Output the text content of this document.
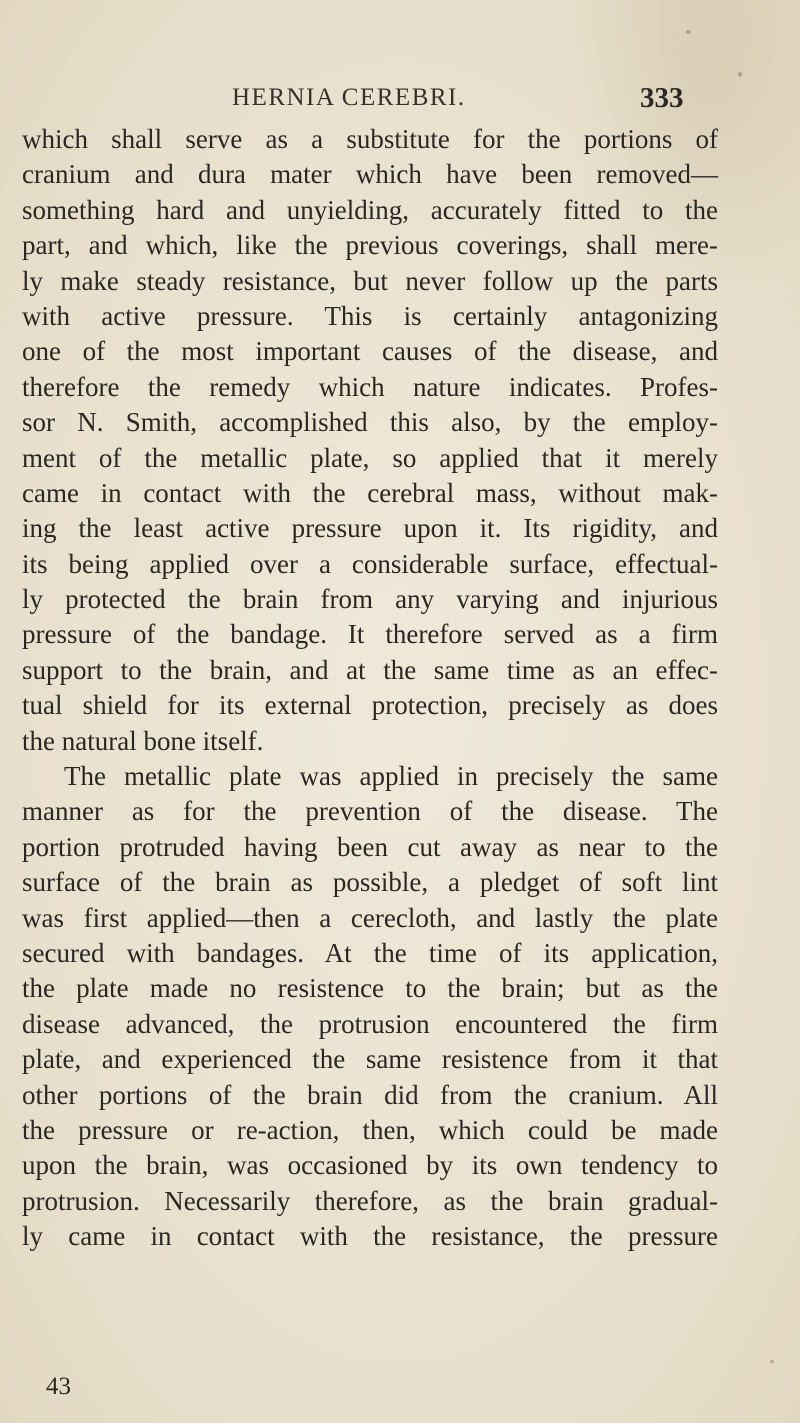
HERNIA CEREBRI.	333
which shall serve as a substitute for the portions of
cranium and dura mater which have been removed—
something hard and unyielding, accurately fitted to the
part, and which, like the previous coverings, shall mere-
ly make steady resistance, but never follow up the parts
with active pressure. This is certainly antagonizing
one of the most important causes of the disease, and
therefore the remedy which nature indicates. Profes-
sor N. Smith, accomplished this also, by the employ-
ment of the metallic plate, so applied that it merely
came in contact with the cerebral mass, without mak-
ing the least active pressure upon it. Its rigidity, and
its being applied over a considerable surface, effectual-
ly protected the brain from any varying and injurious
pressure of the bandage. It therefore served as a firm
support to the brain, and at the same time as an effec-
tual shield for its external protection, precisely as does
the natural bone itself.
The metallic plate was applied in precisely the same
manner as for the prevention of the disease. The
portion protruded having been cut away as near to the
surface of the brain as possible, a pledget of soft lint
was first applied—then a cerecloth, and lastly the plate
secured with bandages. At the time of its application,
the plate made no resistence to the brain; but as the
disease advanced, the protrusion encountered the firm
plate, and experienced the same resistence from it that
other portions of the brain did from the cranium. All
the pressure or re-action, then, which could be made
upon the brain, was occasioned by its own tendency to
protrusion. Necessarily therefore, as the brain gradual-
ly came in contact with the resistance, the pressure
43
